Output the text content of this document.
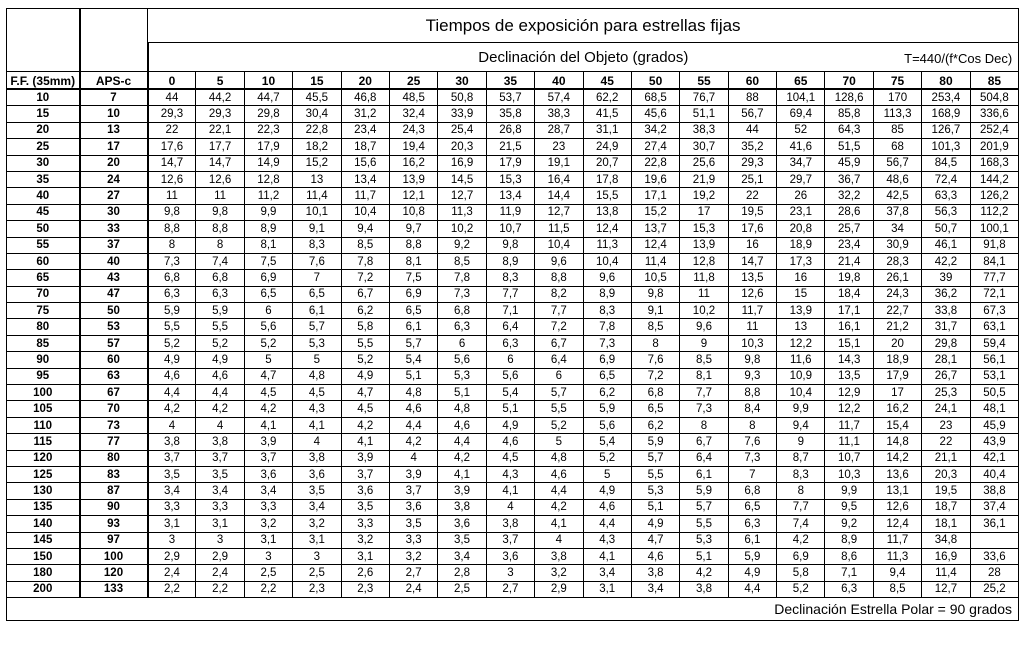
		Tiempos de exposición para estrellas fijas																	

		Declinación del Objeto (grados) T=440/(f*Cos Dec)																	

F.F. (35mm)	APS-c	0	5	10	15	20	25	30	35	40	45	50	55	60	65	70	75	80	85
10	7	44	44,2	44,7	45,5	46,8	48,5	50,8	53,7	57,4	62,2	68,5	76,7	88	104,1	128,6	170	253,4	504,8
15	10	29,3	29,3	29,8	30,4	31,2	32,4	33,9	35,8	38,3	41,5	45,6	51,1	56,7	69,4	85,8	113,3	168,9	336,6
20	13	22	22,1	22,3	22,8	23,4	24,3	25,4	26,8	28,7	31,1	34,2	38,3	44	52	64,3	85	126,7	252,4
25	17	17,6	17,7	17,9	18,2	18,7	19,4	20,3	21,5	23	24,9	27,4	30,7	35,2	41,6	51,5	68	101,3	201,9
30	20	14,7	14,7	14,9	15,2	15,6	16,2	16,9	17,9	19,1	20,7	22,8	25,6	29,3	34,7	45,9	56,7	84,5	168,3
35	24	12,6	12,6	12,8	13	13,4	13,9	14,5	15,3	16,4	17,8	19,6	21,9	25,1	29,7	36,7	48,6	72,4	144,2
40	27	11	11	11,2	11,4	11,7	12,1	12,7	13,4	14,4	15,5	17,1	19,2	22	26	32,2	42,5	63,3	126,2
45	30	9,8	9,8	9,9	10,1	10,4	10,8	11,3	11,9	12,7	13,8	15,2	17	19,5	23,1	28,6	37,8	56,3	112,2
50	33	8,8	8,8	8,9	9,1	9,4	9,7	10,2	10,7	11,5	12,4	13,7	15,3	17,6	20,8	25,7	34	50,7	100,1
55	37	8	8	8,1	8,3	8,5	8,8	9,2	9,8	10,4	11,3	12,4	13,9	16	18,9	23,4	30,9	46,1	91,8
60	40	7,3	7,4	7,5	7,6	7,8	8,1	8,5	8,9	9,6	10,4	11,4	12,8	14,7	17,3	21,4	28,3	42,2	84,1
65	43	6,8	6,8	6,9	7	7,2	7,5	7,8	8,3	8,8	9,6	10,5	11,8	13,5	16	19,8	26,1	39	77,7
70	47	6,3	6,3	6,5	6,5	6,7	6,9	7,3	7,7	8,2	8,9	9,8	11	12,6	15	18,4	24,3	36,2	72,1
75	50	5,9	5,9	6	6,1	6,2	6,5	6,8	7,1	7,7	8,3	9,1	10,2	11,7	13,9	17,1	22,7	33,8	67,3
80	53	5,5	5,5	5,6	5,7	5,8	6,1	6,3	6,4	7,2	7,8	8,5	9,6	11	13	16,1	21,2	31,7	63,1
85	57	5,2	5,2	5,2	5,3	5,5	5,7	6	6,3	6,7	7,3	8	9	10,3	12,2	15,1	20	29,8	59,4
90	60	4,9	4,9	5	5	5,2	5,4	5,6	6	6,4	6,9	7,6	8,5	9,8	11,6	14,3	18,9	28,1	56,1
95	63	4,6	4,6	4,7	4,8	4,9	5,1	5,3	5,6	6	6,5	7,2	8,1	9,3	10,9	13,5	17,9	26,7	53,1
100	67	4,4	4,4	4,5	4,5	4,7	4,8	5,1	5,4	5,7	6,2	6,8	7,7	8,8	10,4	12,9	17	25,3	50,5
105	70	4,2	4,2	4,2	4,3	4,5	4,6	4,8	5,1	5,5	5,9	6,5	7,3	8,4	9,9	12,2	16,2	24,1	48,1
110	73	4	4	4,1	4,1	4,2	4,4	4,6	4,9	5,2	5,6	6,2	8	8	9,4	11,7	15,4	23	45,9
115	77	3,8	3,8	3,9	4	4,1	4,2	4,4	4,6	5	5,4	5,9	6,7	7,6	9	11,1	14,8	22	43,9
120	80	3,7	3,7	3,7	3,8	3,9	4	4,2	4,5	4,8	5,2	5,7	6,4	7,3	8,7	10,7	14,2	21,1	42,1
125	83	3,5	3,5	3,6	3,6	3,7	3,9	4,1	4,3	4,6	5	5,5	6,1	7	8,3	10,3	13,6	20,3	40,4
130	87	3,4	3,4	3,4	3,5	3,6	3,7	3,9	4,1	4,4	4,9	5,3	5,9	6,8	8	9,9	13,1	19,5	38,8
135	90	3,3	3,3	3,3	3,4	3,5	3,6	3,8	4	4,2	4,6	5,1	5,7	6,5	7,7	9,5	12,6	18,7	37,4
140	93	3,1	3,1	3,2	3,2	3,3	3,5	3,6	3,8	4,1	4,4	4,9	5,5	6,3	7,4	9,2	12,4	18,1	36,1
145	97	3	3	3,1	3,1	3,2	3,3	3,5	3,7	4	4,3	4,7	5,3	6,1	4,2	8,9	11,7	34,8	
150	100	2,9	2,9	3	3	3,1	3,2	3,4	3,6	3,8	4,1	4,6	5,1	5,9	6,9	8,6	11,3	16,9	33,6
180	120	2,4	2,4	2,5	2,5	2,6	2,7	2,8	3	3,2	3,4	3,8	4,2	4,9	5,8	7,1	9,4	11,4	28
200	133	2,2	2,2	2,2	2,3	2,3	2,4	2,5	2,7	2,9	3,1	3,4	3,8	4,4	5,2	6,3	8,5	12,7	25,2
Declinación Estrella Polar = 90 grados
